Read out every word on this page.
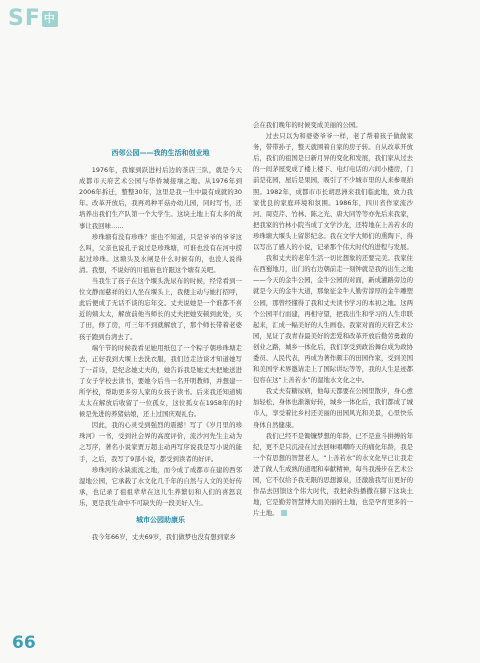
SF 中

西邻公园——我的生活和创业地

1976年，我嫁到跃进村后边的茶店三队，就是今天成都市天府艺术公园与华侨城接壤之地。从1976年到2006年拆迁，整整30年，这里是我一生中最有成就的30年。改革开放后，我再鸡种平菇办幼儿园，同时写书，还培养出我们生产队第一个大学生。这块土地上有太多的故事让我回味……

珍珠塘有没有珍珠？谁也不知道，只是爷爷的爷爷这么叫，父亲也说孔子说过是珍珠塘，可谁也没有在河中捞起过珍珠。这塘头及水闸是什么时候有的，也没人说得清。我想，不说好的川祖庙也许跟这个塘有关吧。

当我生了孩子在这个堰头洗尿布的时候，经常看到一位文静而慈祥的妇人坐在堰头上，我便主动与她打招呼，此后便成了无话不谈的忘年交。丈夫说她是一个谁都不喜近的姨太太，解放前他当师长的丈夫把她安顿到此处，买了田，修了房，可三年不到就解放了，那个师长带着老婆孩子跑到台湾去了。

端午节的时候我看见她用纸包了一个粽子朝珍珠塘走去，正好我到大堰上去洗衣服，我们边走边谈才知道她写了一首诗，是纪念她丈夫的，她告诉我是她丈夫把她送进了女子学校去读书，要她今后当一名开明教师，并想建一所学校，帮助更多穷人家的女孩子读书。后来我还知道姨太太在解放后收留了一位孤女，这位孤女在1958年的时候是先进的养猪姑娘，还上过国庆观礼台。

因此，我的心灵受到强烈的震撼！写了《岁月里的珍珠河》一书，受到社会界的高度评价，流沙河先生主动为之写序，著名小说家贾万超主动再写序说我是写小说的能手，之后，我写了9部小说，都受到读者的好评。

珍珠河的水缺流流之地，而今成了成都市在建的西邻湿地公园，它承载了水文化几千年的自然与人文的美好传承，也记录了祖祖辈辈在这儿生养繁衍和人们的喜怒哀乐，更是我生命中不可缺失的一段美好人生。

城市公园助康乐

我今年66岁，丈夫69岁，我们做梦也没有想到家乡

会在我们晚年的时候变成美丽的公园。

过去只以为和婆婆爷爷一样，老了帮着孩子做做家务，带带孙子，整天就围着自家的房子转。自从改革开放后，我们的祖国是日新月异的变化和发展，我们家从过去的一间茅屋变成了楼上楼下、电灯电话的六间小楼房，门前是花园，屋后是果园，吸引了不少城市里的人来参观拍照。1982年，成都市市长胡思洲来我们临此地，致力我家优良的家庭环境和氛围。1986年，四川省作家流沙河、周克芹、竹林、陈之光、唐大同等等亦先后来我家，把我家的竹林小院当成了文学沙龙，还特地在上善若水的珍珠塘大堰头上留影纪念。我在文学大师们的熏陶下，得以写出了感人的小说，记录那个伟大时代的进程与发展。

我和丈夫的老年生活一切比想象的还要完美。我家住在西蜀地月，出门的右边朝前走一刻钟就是我的出生之地——今天的金牛公园，金牛公园的对面，新成灌路旁边的就是今天的金牛大道，那象征金牛人勤劳淳厚的金牛雕塑公园，那曾经懂得了我和丈夫读书学习的本初之地。这两个公园平行而建，再相守望，把我出生和学习的人生串联起来，汇成一幅美好的人生画卷。我家对面的天府艺术公园，见证了我青春最美好的恋爱和改革开放后勤劳勇敢的创业之路，城乡一体化后，我们享受到政治舞台成为政协委员、人民代表，再成为著作颇丰的田园作家，受到美国和美国学术界邀请走上了国际讲坛等等，我的人生足迹都包容在这“上善若水”的湿地水文化之中。

我丈夫有糖尿病，他每天都要在公园里散步，身心愈加轻松，身体也渐渐好转，城乡一体化后，我们都成了城市人，享受着比乡村还美丽的田园风光和美景，心里快乐身体自然健康。

我们已经不是锄镰梦想的年龄，已不是意斗拼搏的年纪，更不是只沉浸在过去回味唱嘲昨天的痛化年龄，我是一个有思想的智慧老人，“上善若水”的水文化早已让我走进了做人生成熟的道理和奉献精神，每当我漫步在艺术公园，它不仅给予我无限的思想源泉，还激励我写出更好的作品去回馈这个伟大时代，我把余热播撒在脚下这块土地，它是勤劳智慧博大而美丽的土地，也是孕育更多的一片土地。

66
